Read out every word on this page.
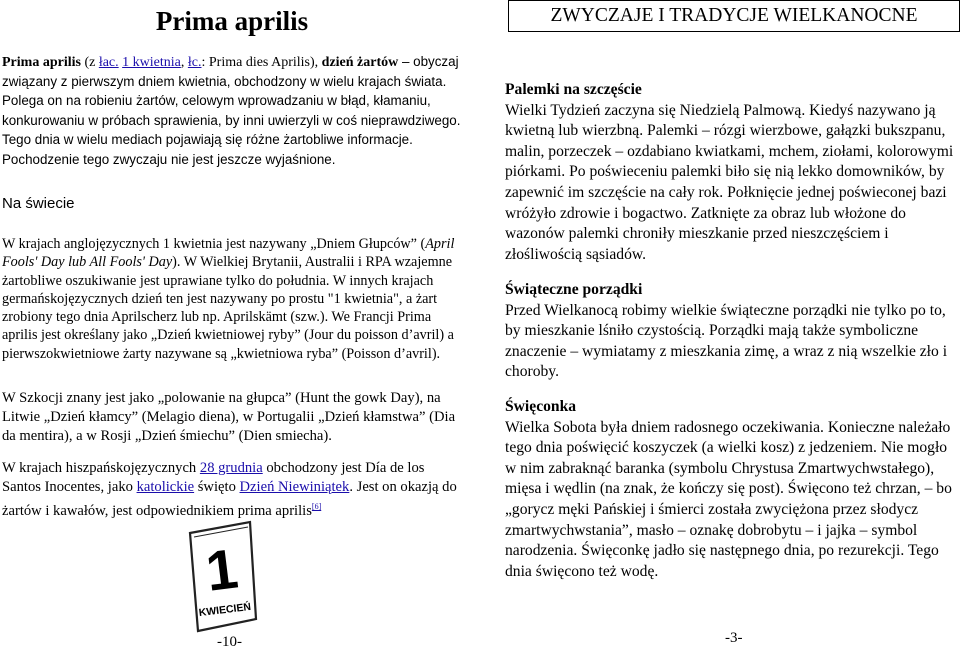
Prima aprilis
Prima aprilis (z łac. 1 kwietnia, łc.: Prima dies Aprilis), dzień żartów – obyczaj związany z pierwszym dniem kwietnia, obchodzony w wielu krajach świata. Polega on na robieniu żartów, celowym wprowadzaniu w błąd, kłamaniu, konkurowaniu w próbach sprawienia, by inni uwierzyli w coś nieprawdziwego. Tego dnia w wielu mediach pojawiają się różne żartobliwe informacje. Pochodzenie tego zwyczaju nie jest jeszcze wyjaśnione.
Na świecie
W krajach anglojęzycznych 1 kwietnia jest nazywany „Dniem Głupców” (April Fools' Day lub All Fools' Day). W Wielkiej Brytanii, Australii i RPA wzajemne żartobliwe oszukiwanie jest uprawiane tylko do południa. W innych krajach germańskojęzycznych dzień ten jest nazywany po prostu "1 kwietnia", a żart zrobiony tego dnia Aprilscherz lub np. Aprilskämt (szw.). We Francji Prima aprilis jest określany jako „Dzień kwietniowej ryby” (Jour du poisson d’avril) a pierwszokwietniowe żarty nazywane są „kwietniowa ryba” (Poisson d’avril).
W Szkocji znany jest jako „polowanie na głupca” (Hunt the gowk Day), na Litwie „Dzień kłamcy” (Melagio diena), w Portugalii „Dzień kłamstwa” (Dia da mentira), a w Rosji „Dzień śmiechu” (Dien smiecha).
W krajach hiszpańskojęzycznych 28 grudnia obchodzony jest Día de los Santos Inocentes, jako katolickie święto Dzień Niewiniątek. Jest on okazją do żartów i kawałów, jest odpowiednikiem prima aprilis[6]
1
KWIECIEŃ
-10-
ZWYCZAJE I TRADYCJE WIELKANOCNE
Palemki na szczęście
Wielki Tydzień zaczyna się Niedzielą Palmową. Kiedyś nazywano ją kwietną lub wierzbną. Palemki – rózgi wierzbowe, gałązki bukszpanu, malin, porzeczek – ozdabiano kwiatkami, mchem, ziołami, kolorowymi piórkami. Po poświeceniu palemki biło się nią lekko domowników, by zapewnić im szczęście na cały rok. Połknięcie jednej poświeconej bazi wróżyło zdrowie i bogactwo. Zatknięte za obraz lub włożone do wazonów palemki chroniły mieszkanie przed nieszczęściem i złośliwością sąsiadów.
Świąteczne porządki
Przed Wielkanocą robimy wielkie świąteczne porządki nie tylko po to, by mieszkanie lśniło czystością. Porządki mają także symboliczne znaczenie – wymiatamy z mieszkania zimę, a wraz z nią wszelkie zło i choroby.
Święconka
Wielka Sobota była dniem radosnego oczekiwania. Konieczne należało tego dnia poświęcić koszyczek (a wielki kosz) z jedzeniem. Nie mogło w nim zabraknąć baranka (symbolu Chrystusa Zmartwychwstałego), mięsa i wędlin (na znak, że kończy się post). Święcono też chrzan, – bo „gorycz męki Pańskiej i śmierci została zwyciężona przez słodycz zmartwychwstania”, masło – oznakę dobrobytu – i jajka – symbol narodzenia. Święconkę jadło się następnego dnia, po rezurekcji. Tego dnia święcono też wodę.
-3-
